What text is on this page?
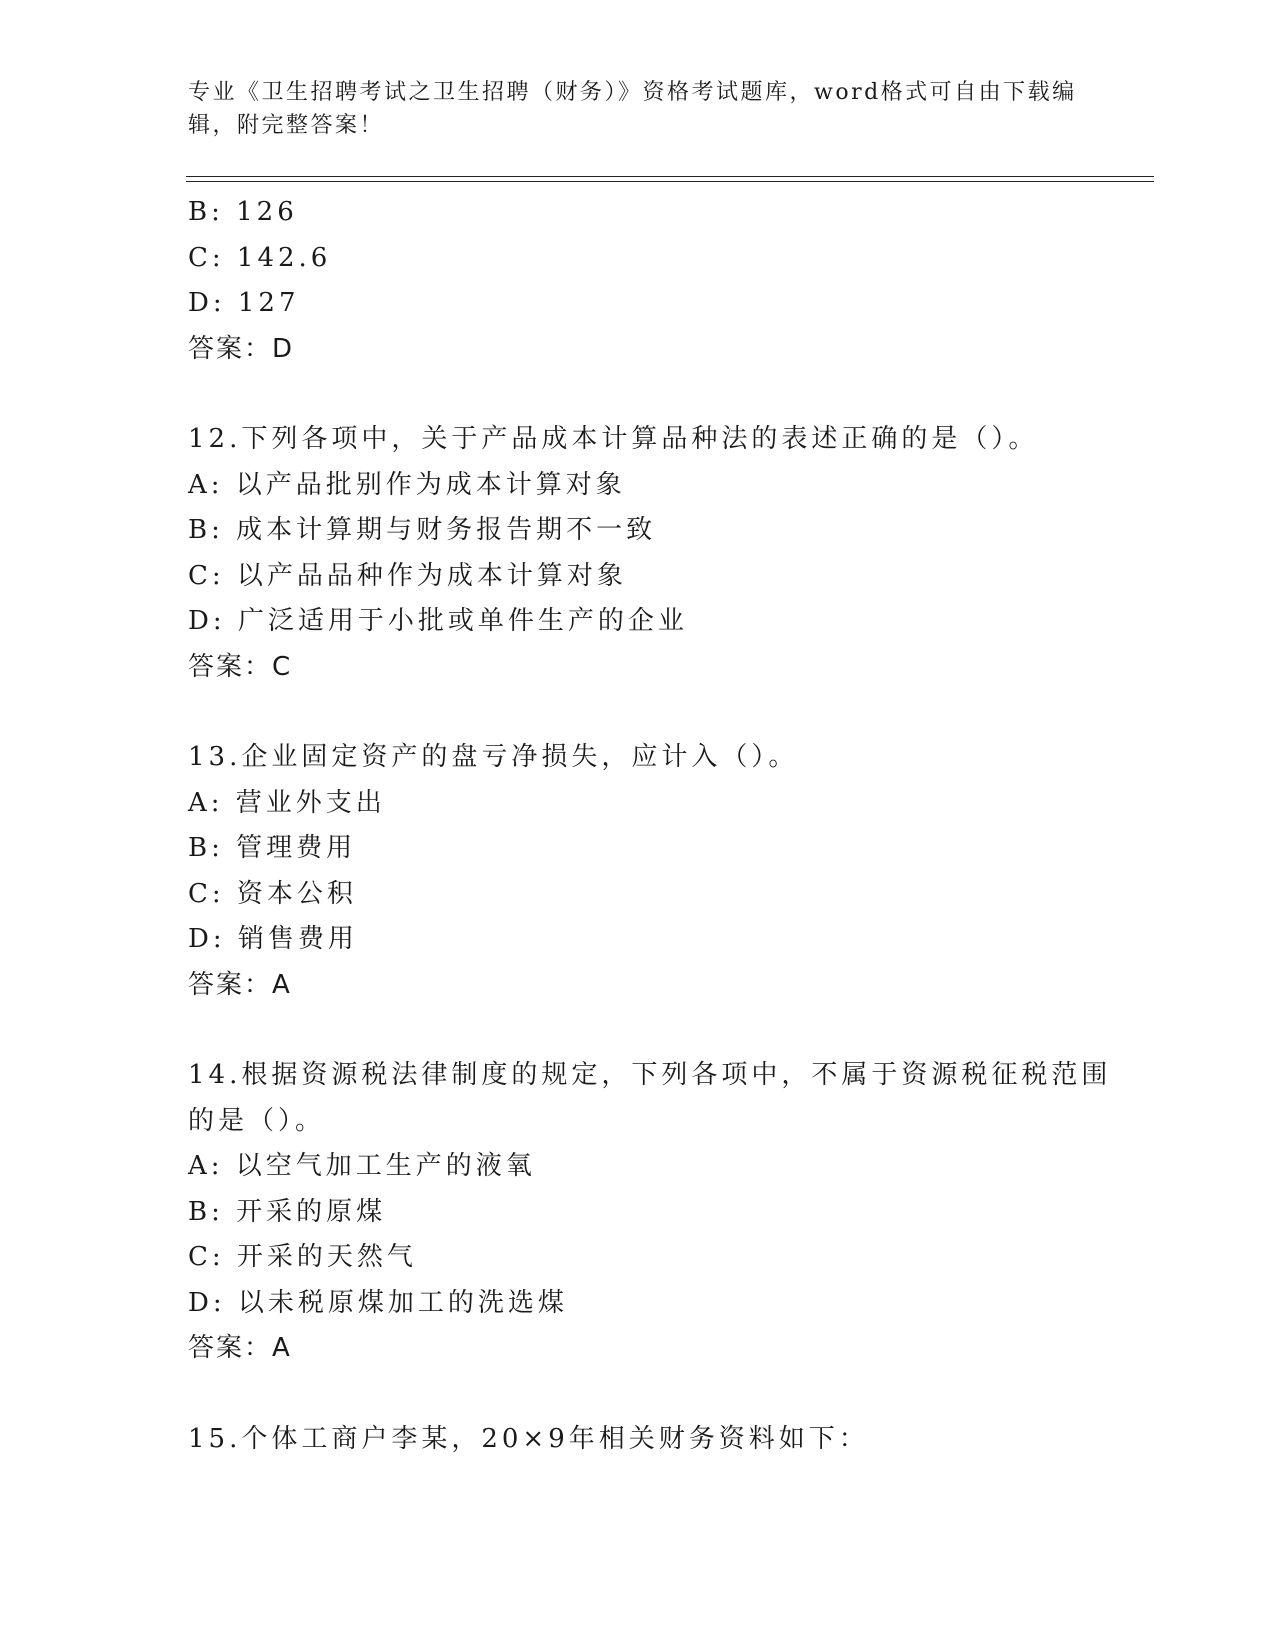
专业《卫生招聘考试之卫生招聘（财务）》资格考试题库，word格式可自由下载编辑，附完整答案！
B: 126
C: 142.6
D: 127
答案：D
12.下列各项中，关于产品成本计算品种法的表述正确的是（）。
A: 以产品批别作为成本计算对象
B: 成本计算期与财务报告期不一致
C: 以产品品种作为成本计算对象
D: 广泛适用于小批或单件生产的企业
答案：C
13.企业固定资产的盘亏净损失，应计入（）。
A: 营业外支出
B: 管理费用
C: 资本公积
D: 销售费用
答案：A
14.根据资源税法律制度的规定，下列各项中，不属于资源税征税范围
的是（）。
A: 以空气加工生产的液氧
B: 开采的原煤
C: 开采的天然气
D: 以未税原煤加工的洗选煤
答案：A
15.个体工商户李某，20×9年相关财务资料如下：
